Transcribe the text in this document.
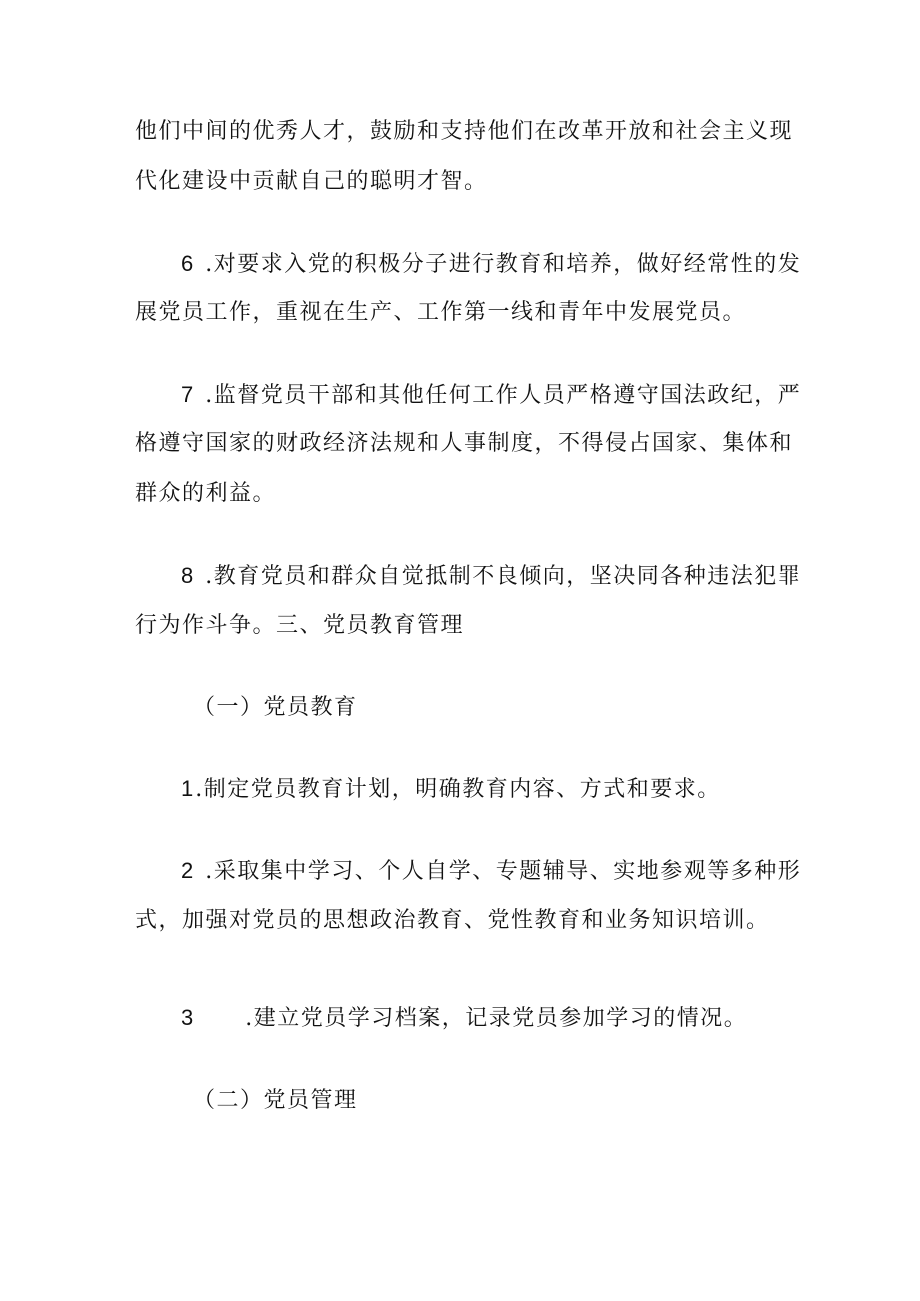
他们中间的优秀人才，鼓励和支持他们在改革开放和社会主义现
代化建设中贡献自己的聪明才智。
6 .对要求入党的积极分子进行教育和培养，做好经常性的发
展党员工作，重视在生产、工作第一线和青年中发展党员。
7 .监督党员干部和其他任何工作人员严格遵守国法政纪，严
格遵守国家的财政经济法规和人事制度，不得侵占国家、集体和
群众的利益。
8 .教育党员和群众自觉抵制不良倾向，坚决同各种违法犯罪
行为作斗争。三、党员教育管理
（一）党员教育
1.制定党员教育计划，明确教育内容、方式和要求。
2 .采取集中学习、个人自学、专题辅导、实地参观等多种形
式，加强对党员的思想政治教育、党性教育和业务知识培训。
3 .建立党员学习档案，记录党员参加学习的情况。
（二）党员管理
